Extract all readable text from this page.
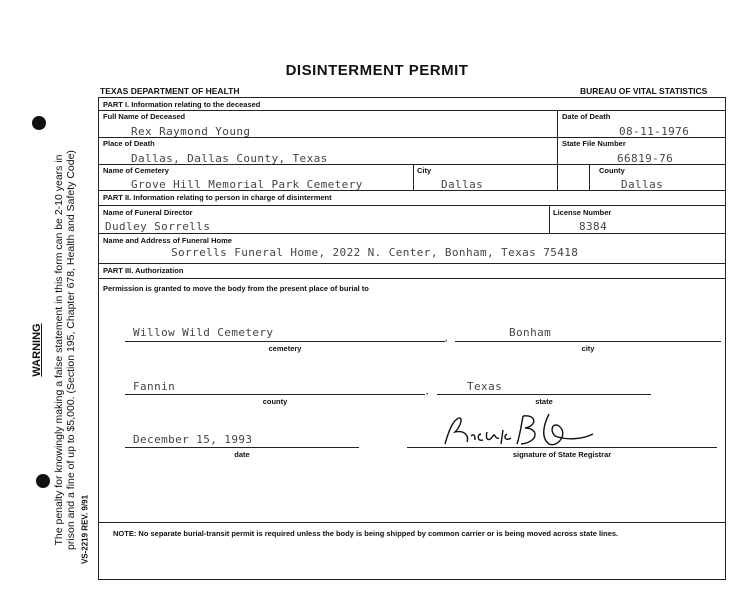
DISINTERMENT PERMIT
TEXAS DEPARTMENT OF HEALTH	BUREAU OF VITAL STATISTICS
WARNING The penalty for knowingly making a false statement in this form can be 2-10 years in prison and a fine of up to $5,000. (Section 195, Chapter 678, Health and Safety Code) VS-2219 REV. 9/91
PART I. Information relating to the deceased
Full Name of Deceased
Rex Raymond Young
Date of Death
08-11-1976
Place of Death
Dallas, Dallas County, Texas
State File Number
66819-76
Name of Cemetery
Grove Hill Memorial Park Cemetery
City
Dallas
County
Dallas
PART II. Information relating to person in charge of disinterment
Name of Funeral Director
Dudley Sorrells
License Number
8384
Name and Address of Funeral Home
Sorrells Funeral Home, 2022 N. Center, Bonham, Texas 75418
PART III. Authorization
Permission is granted to move the body from the present place of burial to
Willow Wild Cemetery	,
cemetery
Bonham
city
Fannin	,
county
Texas
state
December 15, 1993
date	signature of State Registrar
NOTE: No separate burial-transit permit is required unless the body is being shipped by common carrier or is being moved across state lines.
